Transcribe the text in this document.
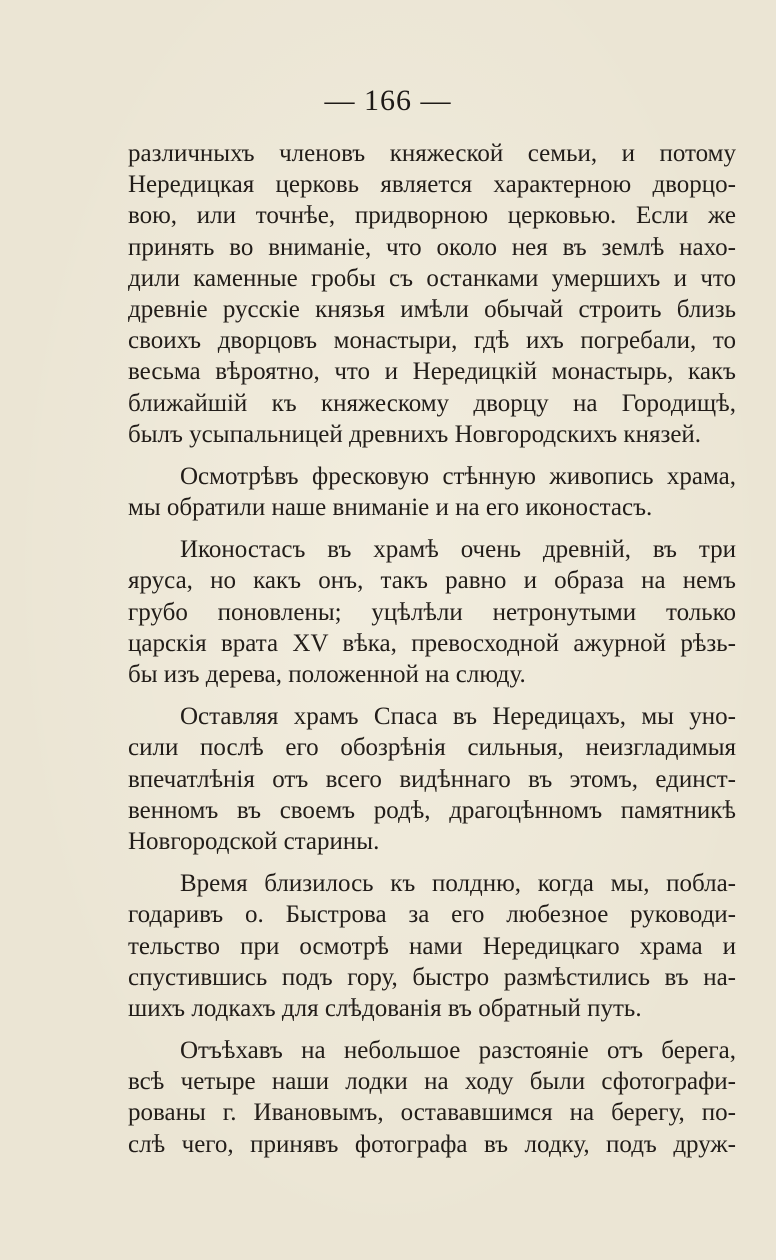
— 166 —
различныхъ членовъ княжеской семьи, и потому
Нередицкая церковь является характерною дворцо-
вою, или точнѣе, придворною церковью. Если же
принять во вниманіе, что около нея въ землѣ нахо-
дили каменные гробы съ останками умершихъ и что
древніе русскіе князья имѣли обычай строить близь
своихъ дворцовъ монастыри, гдѣ ихъ погребали, то
весьма вѣроятно, что и Нередицкій монастырь, какъ
ближайшій къ княжескому дворцу на Городищѣ,
былъ усыпальницей древнихъ Новгородскихъ князей.
Осмотрѣвъ фресковую стѣнную живопись храма,
мы обратили наше вниманіе и на его иконостасъ.
Иконостасъ въ храмѣ очень древній, въ три
яруса, но какъ онъ, такъ равно и образа на немъ
грубо поновлены; уцѣлѣли нетронутыми только
царскія врата XV вѣка, превосходной ажурной рѣзь-
бы изъ дерева, положенной на слюду.
Оставляя храмъ Спаса въ Нередицахъ, мы уно-
сили послѣ его обозрѣнія сильныя, неизгладимыя
впечатлѣнія отъ всего видѣннаго въ этомъ, единст-
венномъ въ своемъ родѣ, драгоцѣнномъ памятникѣ
Новгородской старины.
Время близилось къ полдню, когда мы, побла-
годаривъ о. Быстрова за его любезное руководи-
тельство при осмотрѣ нами Нередицкаго храма и
спустившись подъ гору, быстро размѣстились въ на-
шихъ лодкахъ для слѣдованія въ обратный путь.
Отъѣхавъ на небольшое разстояніе отъ берега,
всѣ четыре наши лодки на ходу были сфотографи-
рованы г. Ивановымъ, остававшимся на берегу, по-
слѣ чего, принявъ фотографа въ лодку, подъ друж-
